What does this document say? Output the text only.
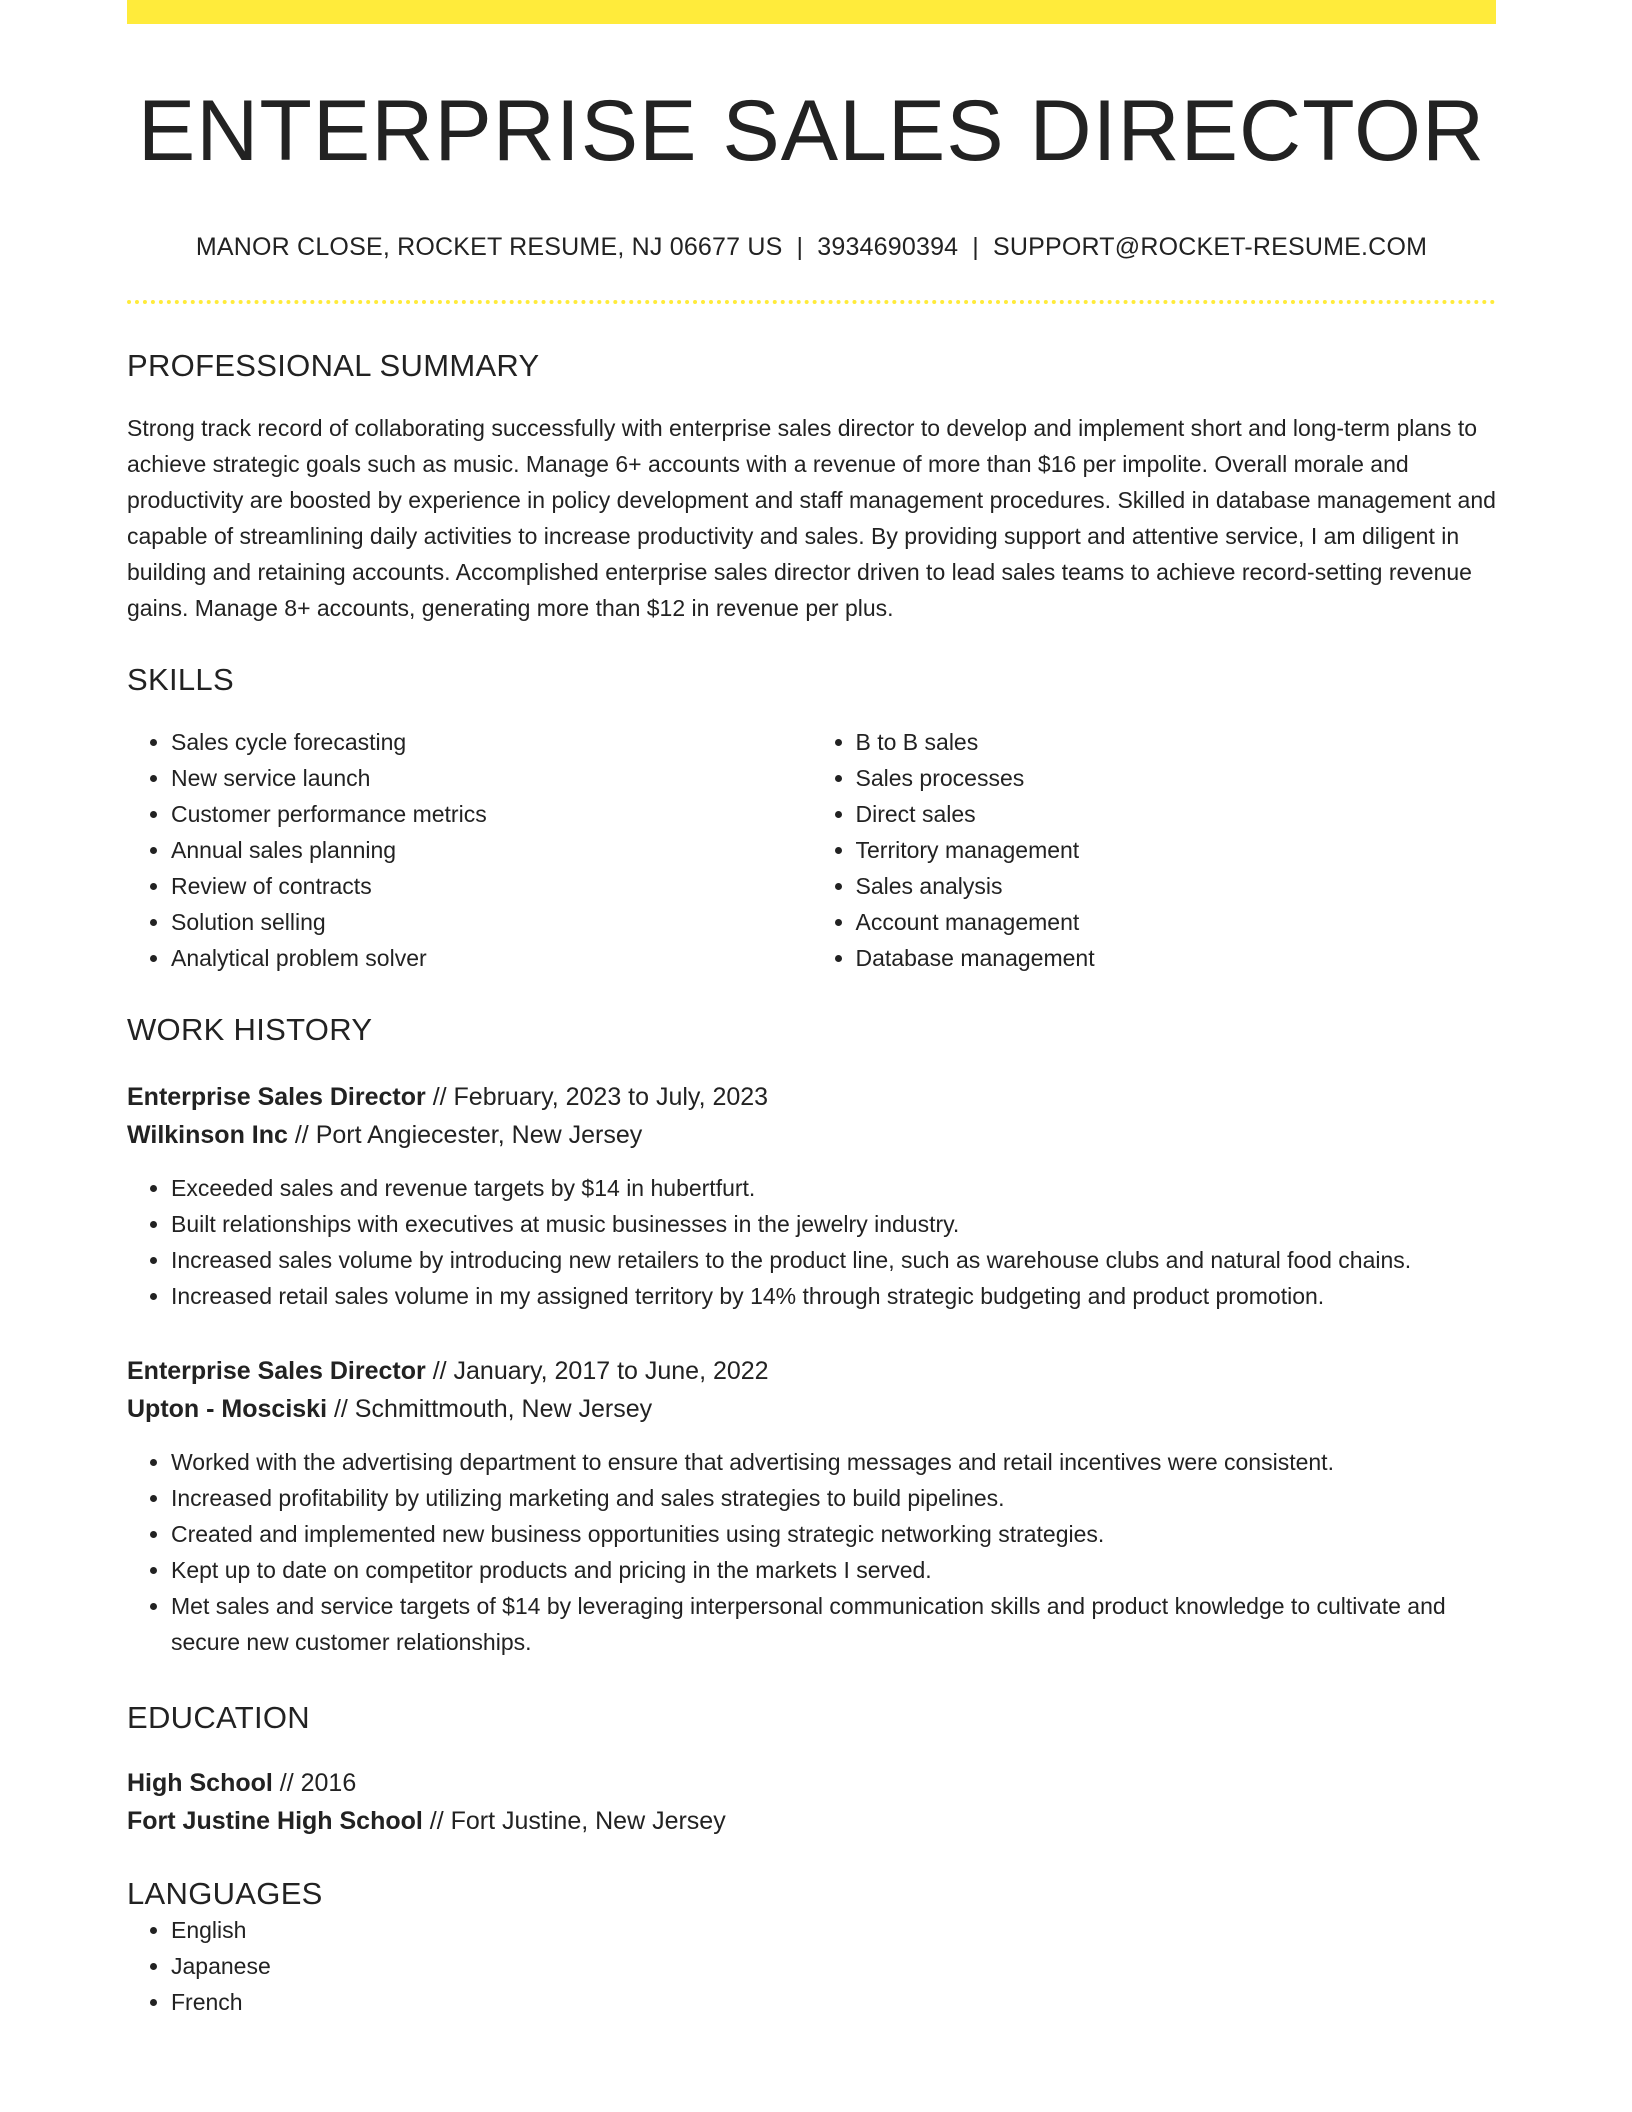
ENTERPRISE SALES DIRECTOR
MANOR CLOSE, ROCKET RESUME, NJ 06677 US | 3934690394 | SUPPORT@ROCKET-RESUME.COM
PROFESSIONAL SUMMARY

Strong track record of collaborating successfully with enterprise sales director to develop and implement short and long-term plans to achieve strategic goals such as music. Manage 6+ accounts with a revenue of more than $16 per impolite. Overall morale and productivity are boosted by experience in policy development and staff management procedures. Skilled in database management and capable of streamlining daily activities to increase productivity and sales. By providing support and attentive service, I am diligent in building and retaining accounts. Accomplished enterprise sales director driven to lead sales teams to achieve record-setting revenue gains. Manage 8+ accounts, generating more than $12 in revenue per plus.

SKILLS
• Sales cycle forecasting
• New service launch
• Customer performance metrics
• Annual sales planning
• Review of contracts
• Solution selling
• Analytical problem solver
• B to B sales
• Sales processes
• Direct sales
• Territory management
• Sales analysis
• Account management
• Database management
WORK HISTORY
Enterprise Sales Director // February, 2023 to July, 2023
Wilkinson Inc // Port Angiecester, New Jersey
• Exceeded sales and revenue targets by $14 in hubertfurt.
• Built relationships with executives at music businesses in the jewelry industry.
• Increased sales volume by introducing new retailers to the product line, such as warehouse clubs and natural food chains.
• Increased retail sales volume in my assigned territory by 14% through strategic budgeting and product promotion.
Enterprise Sales Director // January, 2017 to June, 2022
Upton - Mosciski // Schmittmouth, New Jersey
• Worked with the advertising department to ensure that advertising messages and retail incentives were consistent.
• Increased profitability by utilizing marketing and sales strategies to build pipelines.
• Created and implemented new business opportunities using strategic networking strategies.
• Kept up to date on competitor products and pricing in the markets I served.
• Met sales and service targets of $14 by leveraging interpersonal communication skills and product knowledge to cultivate and secure new customer relationships.
EDUCATION
High School // 2016
Fort Justine High School // Fort Justine, New Jersey
LANGUAGES
• English
• Japanese
• French
